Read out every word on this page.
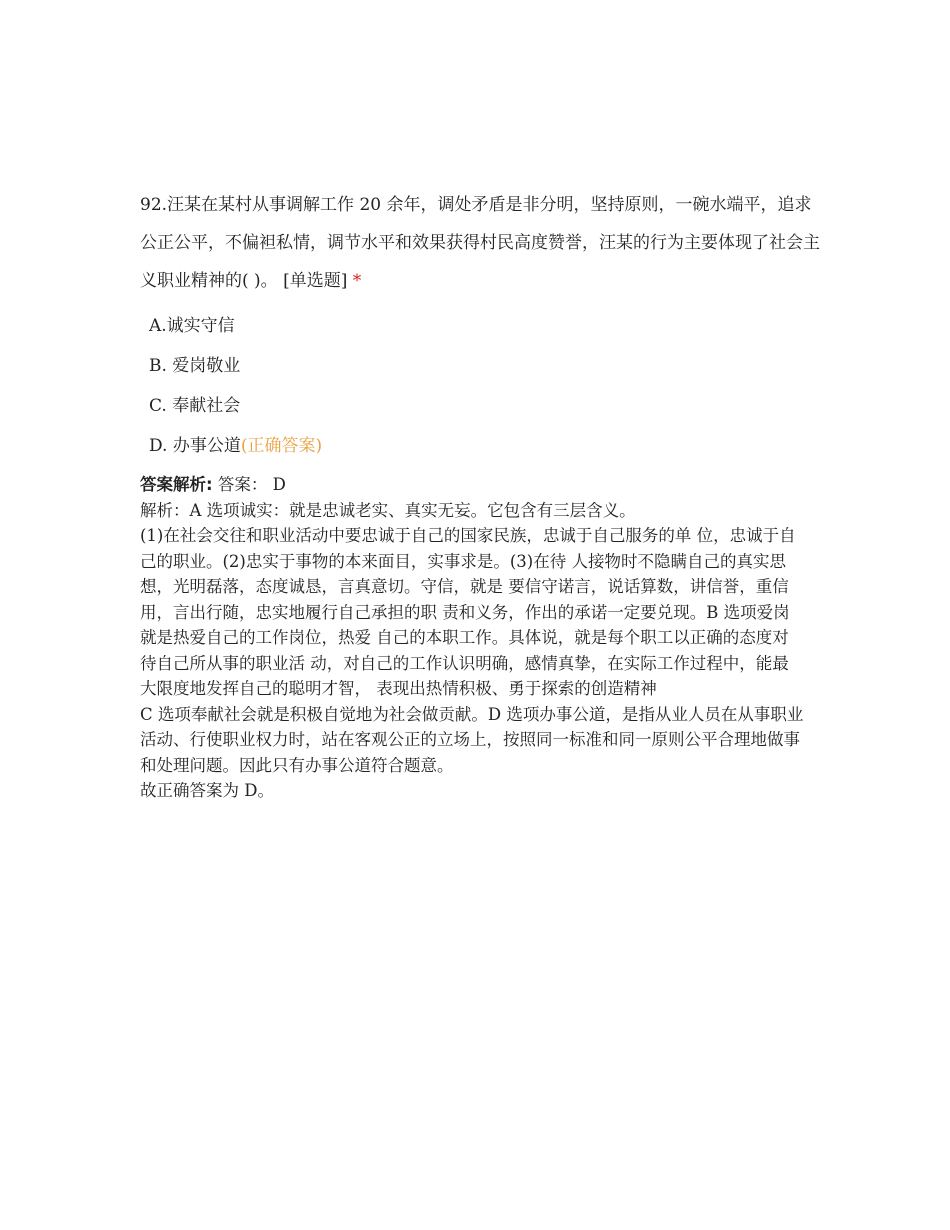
92.汪某在某村从事调解工作 20 余年，调处矛盾是非分明，坚持原则，一碗水端平，追求公正公平，不偏袒私情，调节水平和效果获得村民高度赞誉，汪某的行为主要体现了社会主义职业精神的( )。 [单选题] *

A.诚实守信
B. 爱岗敬业
C. 奉献社会
D. 办事公道(正确答案)
答案解析: 答案： D
解析：A 选项诚实：就是忠诚老实、真实无妄。它包含有三层含义。
(1)在社会交往和职业活动中要忠诚于自己的国家民族，忠诚于自己服务的单 位，忠诚于自
己的职业。(2)忠实于事物的本来面目，实事求是。(3)在待 人接物时不隐瞒自己的真实思
想，光明磊落，态度诚恳，言真意切。守信，就是 要信守诺言，说话算数，讲信誉，重信
用，言出行随，忠实地履行自己承担的职 责和义务，作出的承诺一定要兑现。B 选项爱岗
就是热爱自己的工作岗位，热爱 自己的本职工作。具体说，就是每个职工以正确的态度对
待自己所从事的职业活 动，对自己的工作认识明确，感情真挚，在实际工作过程中，能最
大限度地发挥自己的聪明才智， 表现出热情积极、勇于探索的创造精神
C 选项奉献社会就是积极自觉地为社会做贡献。D 选项办事公道，是指从业人员在从事职业
活动、行使职业权力时，站在客观公正的立场上，按照同一标准和同一原则公平合理地做事
和处理问题。因此只有办事公道符合题意。
故正确答案为 D。
